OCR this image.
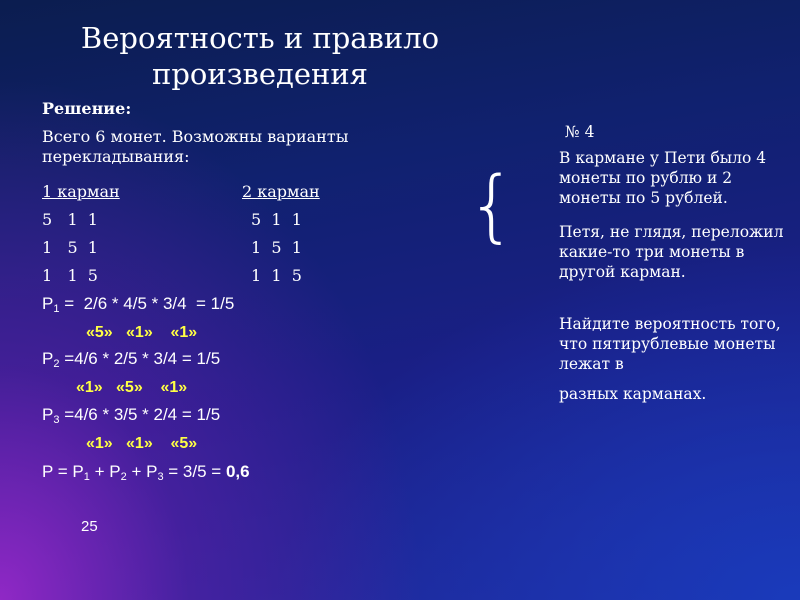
Вероятность и правило произведения
Решение:
Всего 6 монет. Возможны варианты перекладывания:
1 карман	2 карман
5   1  1	5  1  1
1   5  1	1  5  1
1   1  5	1  1  5
$P_1 = 2/6 * 4/5 * 3/4 = 1/5$
«5»   «1»    «1»
$P_2 =4/6 * 2/5 * 3/4 = 1/5$
«1»   «5»    «1»
$P_3 =4/6 * 3/5 * 2/4 = 1/5$
«1»   «1»    «5»
$P = P_1 + P_2 + P_3 = 3/5 = 0,6$
25
{
№ 4
В кармане у Пети было 4 монеты по рублю и 2 монеты по 5 рублей.
Петя, не глядя, переложил какие-то три монеты в другой карман.
Найдите вероятность того, что пятирублевые монеты лежат в
разных карманах.
